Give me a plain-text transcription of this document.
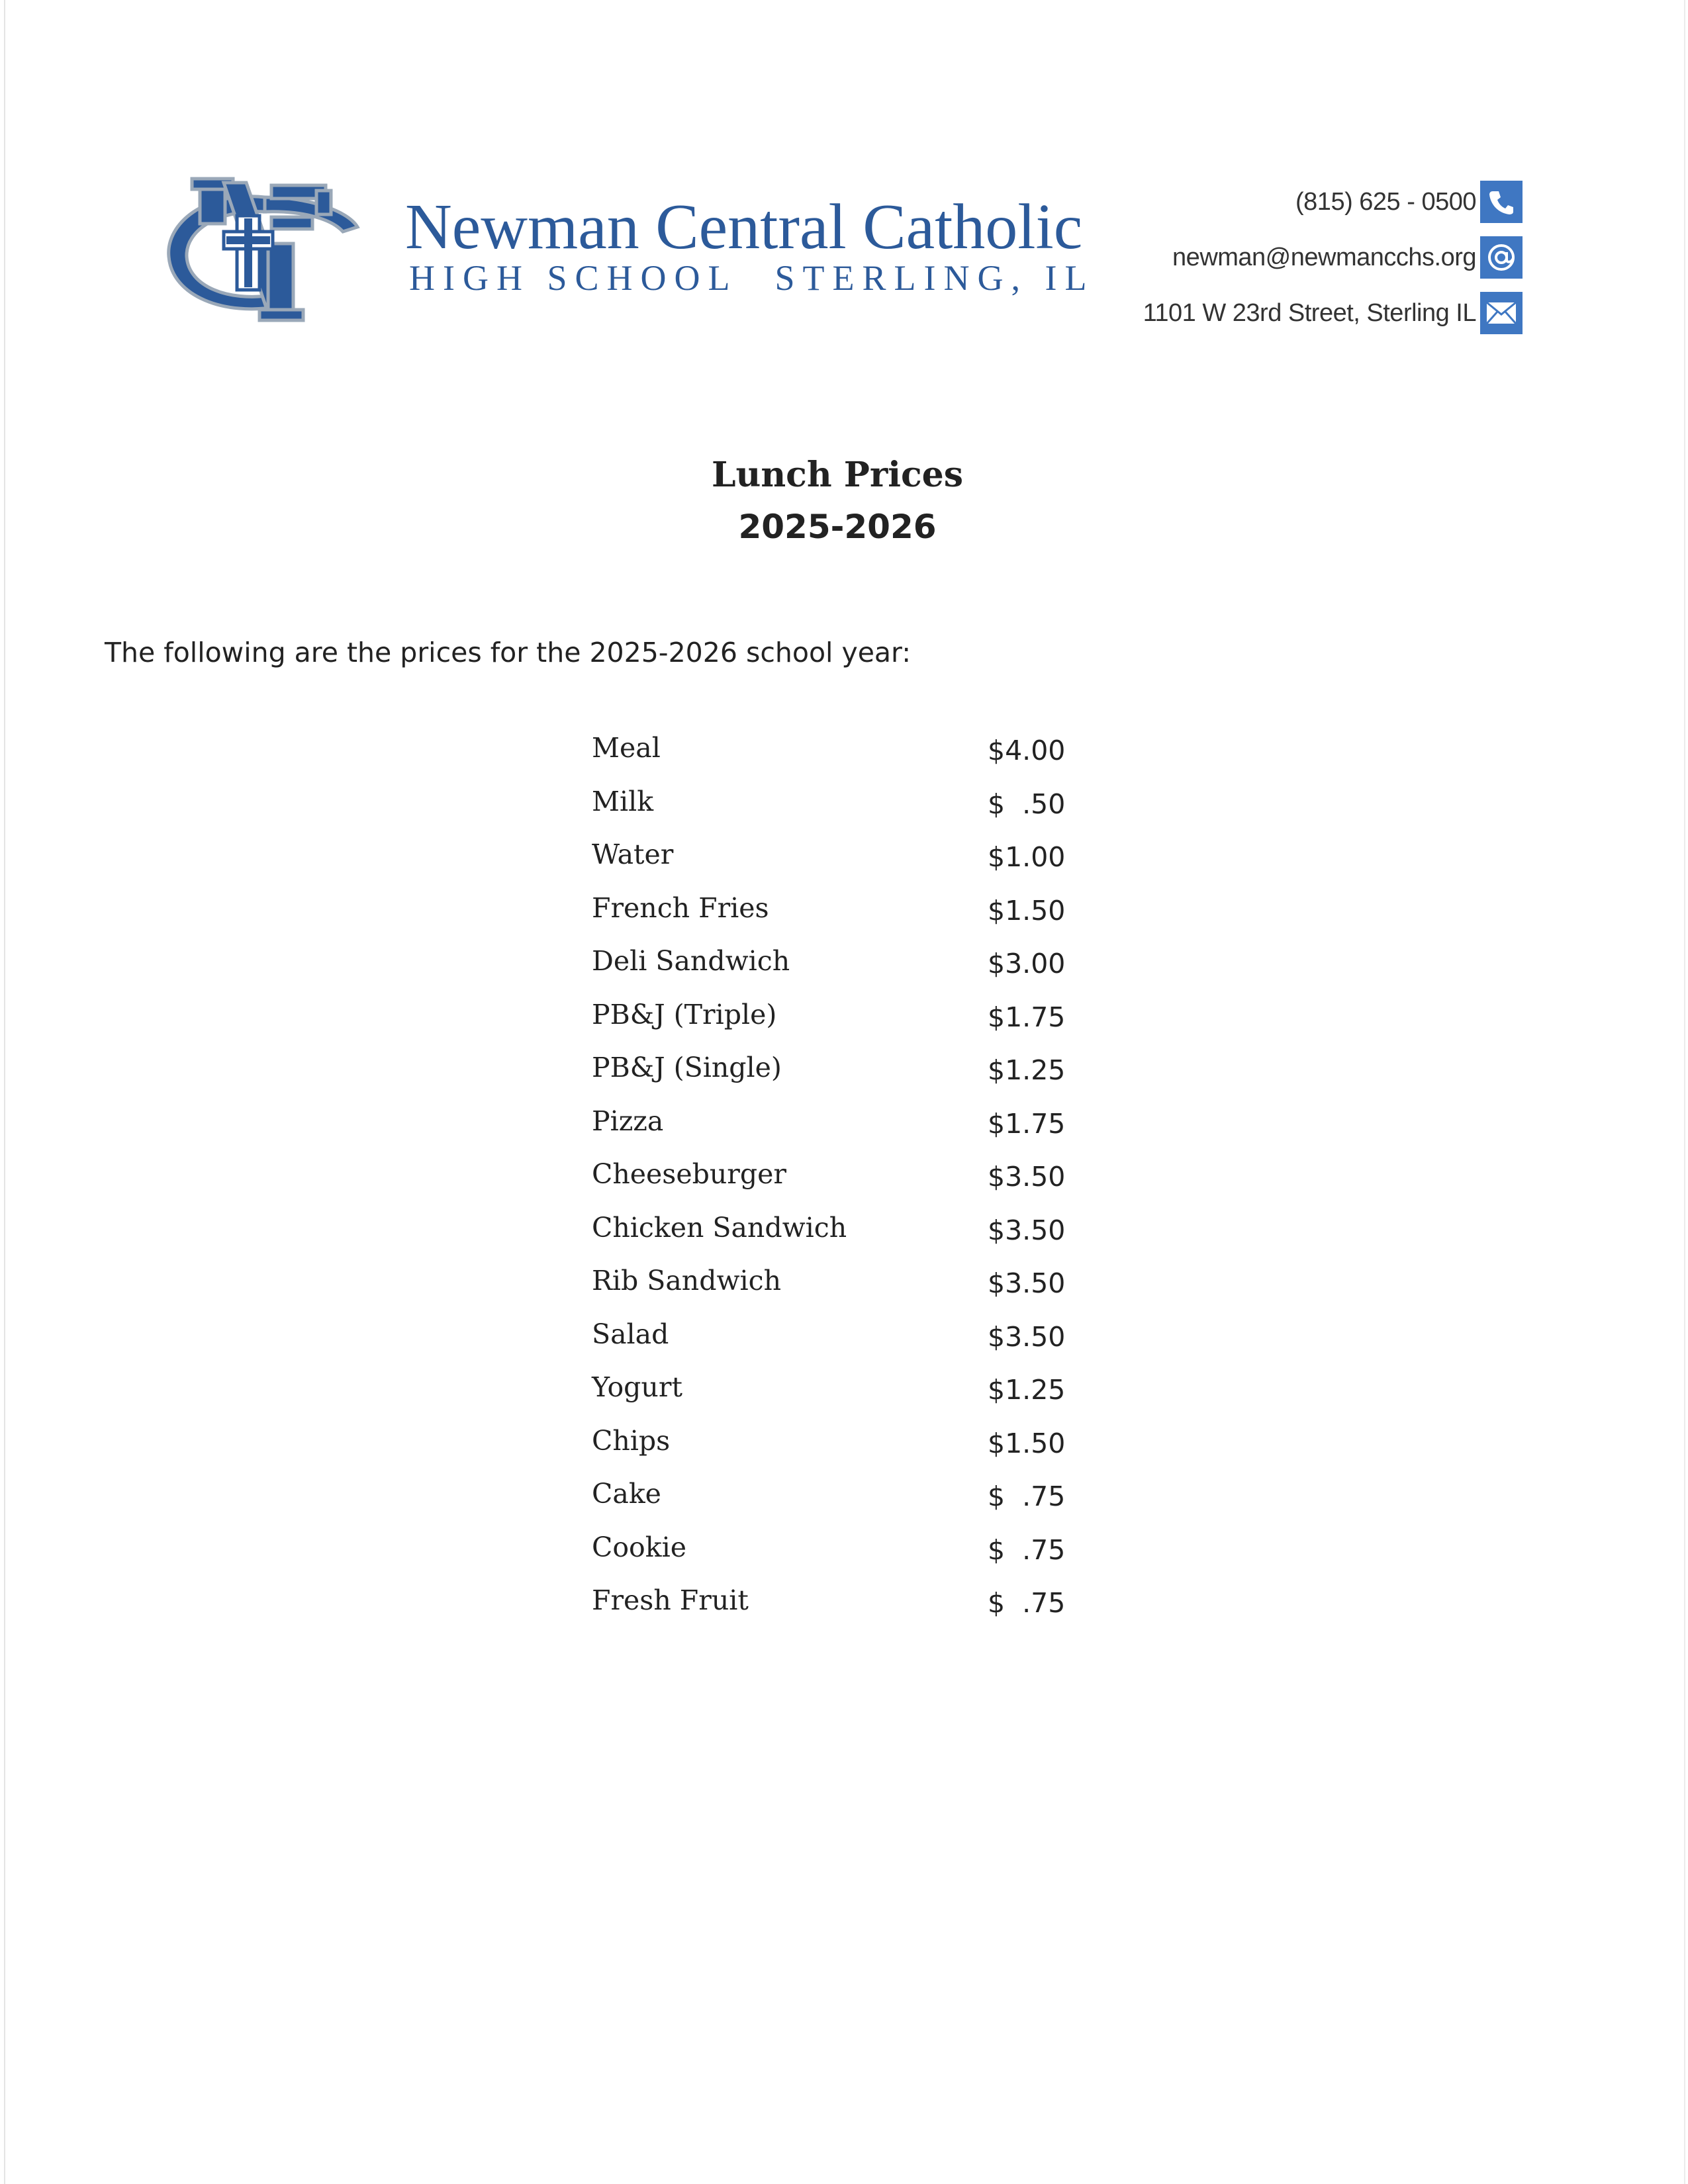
Newman Central Catholic
HIGH SCHOOL STERLING, IL
(815) 625 - 0500
newman@newmancchs.org
1101 W 23rd Street, Sterling IL
Lunch Prices
2025-2026
The following are the prices for the 2025-2026 school year:
Meal	$4.00
Milk	$  .50
Water	$1.00
French Fries	$1.50
Deli Sandwich	$3.00
PB&J (Triple)	$1.75
PB&J (Single)	$1.25
Pizza	$1.75
Cheeseburger	$3.50
Chicken Sandwich	$3.50
Rib Sandwich	$3.50
Salad	$3.50
Yogurt	$1.25
Chips	$1.50
Cake	$  .75
Cookie	$  .75
Fresh Fruit	$  .75
